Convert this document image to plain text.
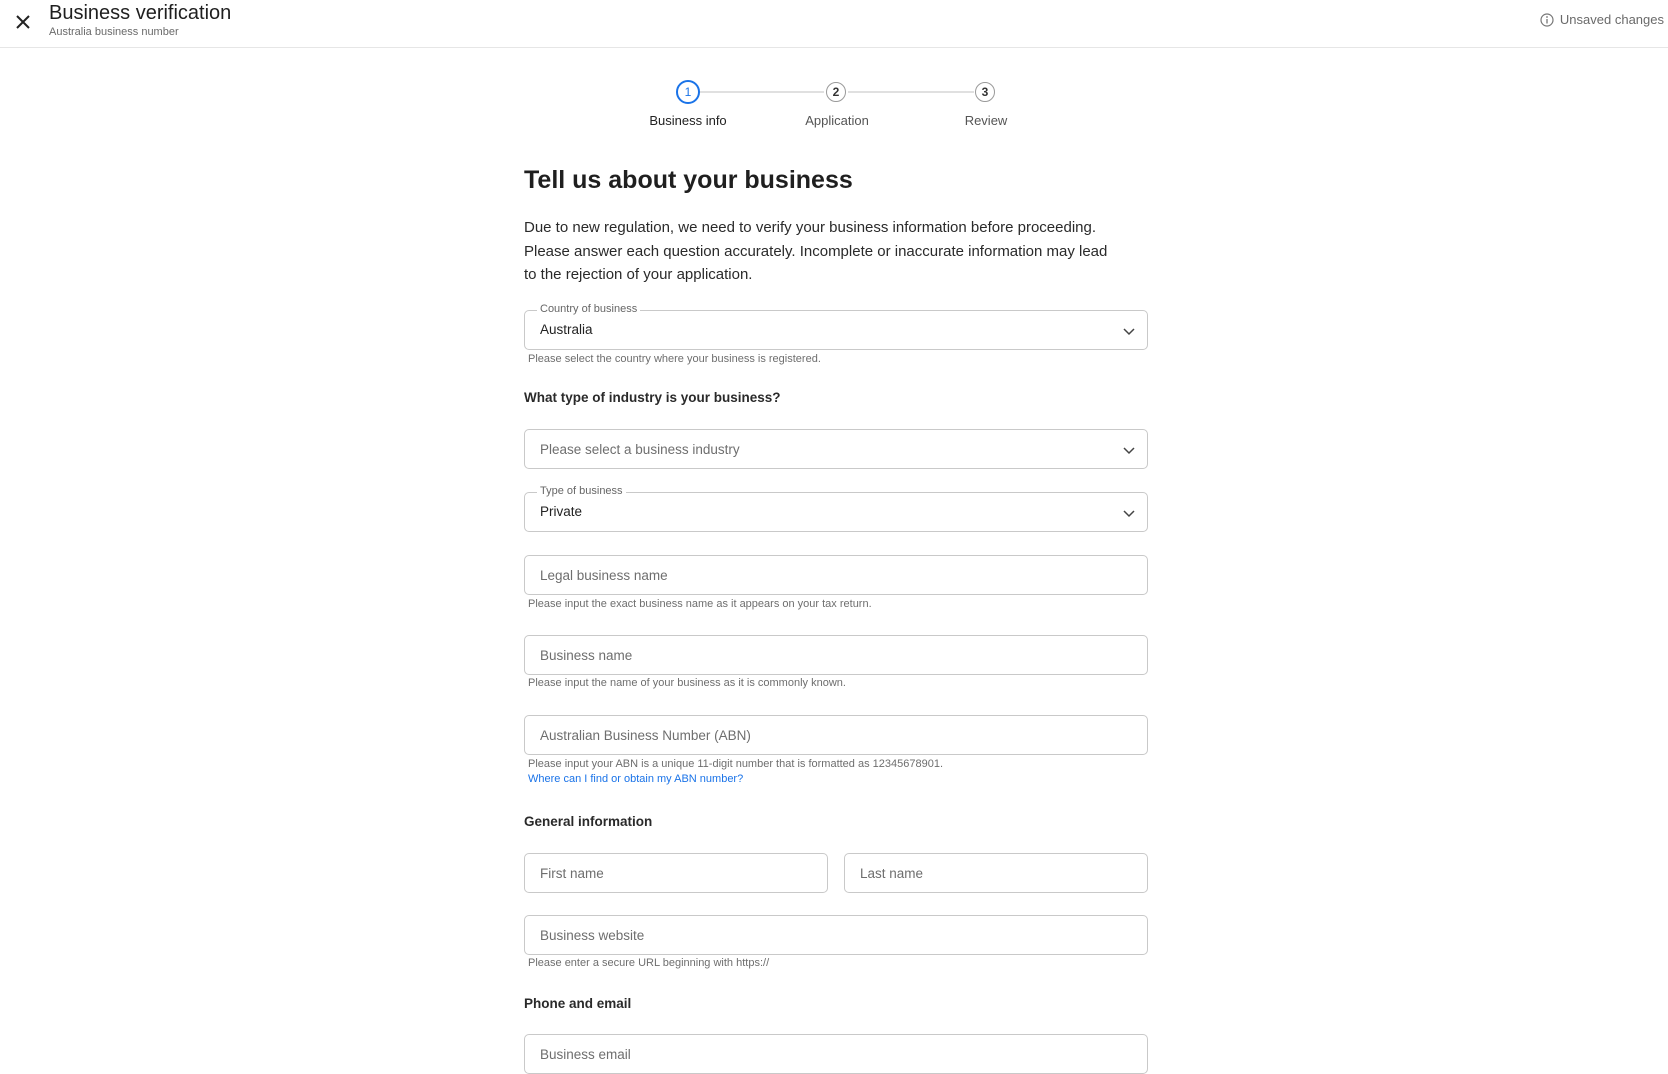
Business verification
Australia business number
Unsaved changes
1	2	3
Business info	Application	Review
Tell us about your business
Due to new regulation, we need to verify your business information before proceeding. Please answer each question accurately. Incomplete or inaccurate information may lead to the rejection of your application.
Country of business
Australia
Please select the country where your business is registered.
What type of industry is your business?
Please select a business industry
Type of business
Private
Legal business name
Please input the exact business name as it appears on your tax return.
Business name
Please input the name of your business as it is commonly known.
Australian Business Number (ABN)
Please input your ABN is a unique 11-digit number that is formatted as 12345678901.
Where can I find or obtain my ABN number?
General information
First name	Last name
Business website
Please enter a secure URL beginning with https://
Phone and email
Business email
